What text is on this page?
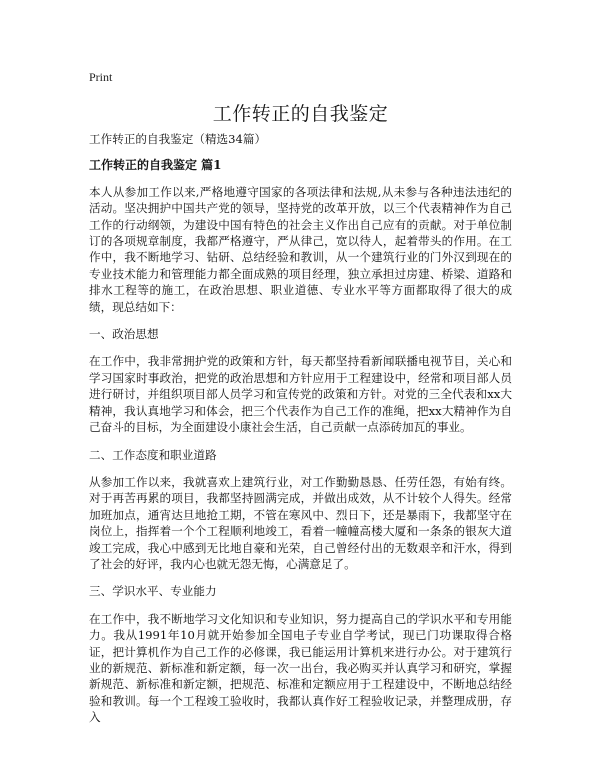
Print
工作转正的自我鉴定

工作转正的自我鉴定（精选34篇）

工作转正的自我鉴定 篇1

本人从参加工作以来,严格地遵守国家的各项法律和法规,从未参与各种违法违纪的活动。坚决拥护中国共产党的领导，坚持党的改革开放，以三个代表精神作为自己工作的行动纲领，为建设中国有特色的社会主义作出自己应有的贡献。对于单位制订的各项规章制度，我都严格遵守，严从律己，宽以待人，起着带头的作用。在工作中，我不断地学习、钻研、总结经验和教训，从一个建筑行业的门外汉到现在的专业技术能力和管理能力都全面成熟的项目经理，独立承担过房建、桥梁、道路和排水工程等的施工，在政治思想、职业道德、专业水平等方面都取得了很大的成绩，现总结如下：

一、政治思想

在工作中，我非常拥护党的政策和方针，每天都坚持看新闻联播电视节目，关心和学习国家时事政治，把党的政治思想和方针应用于工程建设中，经常和项目部人员进行研讨，并组织项目部人员学习和宣传党的政策和方针。对党的三全代表和xx大精神，我认真地学习和体会，把三个代表作为自己工作的准绳，把xx大精神作为自己奋斗的目标，为全面建设小康社会生活，自己贡献一点添砖加瓦的事业。

二、工作态度和职业道路

从参加工作以来，我就喜欢上建筑行业，对工作勤勤恳恳、任劳任怨，有始有终。对于再苦再累的项目，我都坚持圆满完成，并做出成效，从不计较个人得失。经常加班加点，通宵达旦地抢工期，不管在寒风中、烈日下，还是暴雨下，我都坚守在岗位上，指挥着一个个工程顺利地竣工，看着一幢幢高楼大厦和一条条的银灰大道竣工完成，我心中感到无比地自豪和光荣，自己曾经付出的无数艰辛和汗水，得到了社会的好评，我内心也就无怨无悔，心满意足了。

三、学识水平、专业能力

在工作中，我不断地学习文化知识和专业知识，努力提高自己的学识水平和专用能力。我从1991年10月就开始参加全国电子专业自学考试，现已门功课取得合格证，把计算机作为自己工作的必修课，我已能运用计算机来进行办公。对于建筑行业的新规范、新标准和新定额，每一次一出台，我必购买并认真学习和研究，掌握新规范、新标准和新定额，把规范、标准和定额应用于工程建设中，不断地总结经验和教训。每一个工程竣工验收时，我都认真作好工程验收记录，并整理成册，存入
